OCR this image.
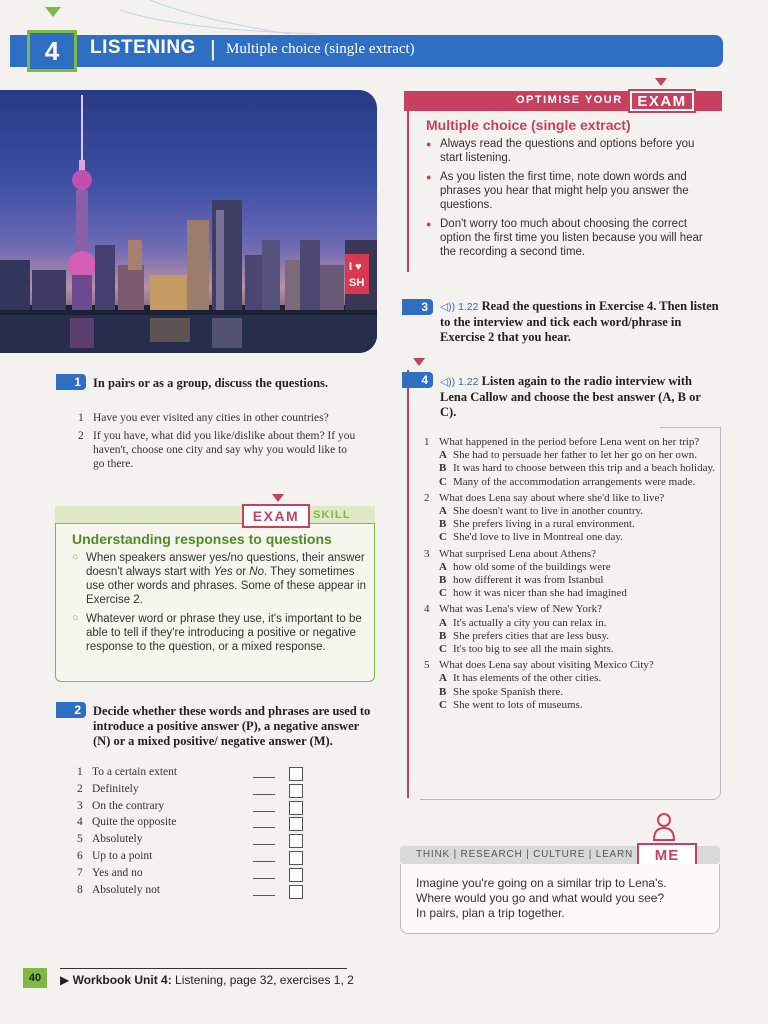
4	LISTENING | Multiple choice (single extract)
I ♥
SH
OPTIMISE YOUR EXAM
Multiple choice (single extract)
● Always read the questions and options before you start listening.
● As you listen the first time, note down words and phrases you hear that might help you answer the questions.
● Don't worry too much about choosing the correct option the first time you listen because you will hear the recording a second time.
3	◁)) 1.22 Read the questions in Exercise 4. Then listen to the interview and tick each word/phrase in Exercise 2 that you hear.
1 In pairs or as a group, discuss the questions.
1 Have you ever visited any cities in other countries?
2 If you have, what did you like/dislike about them? If you haven't, choose one city and say why you would like to go there.
EXAM	SKILL
Understanding responses to questions
○ When speakers answer yes/no questions, their answer doesn't always start with Yes or No. They sometimes use other words and phrases. Some of these appear in Exercise 2.
○ Whatever word or phrase they use, it's important to be able to tell if they're introducing a positive or negative response to the question, or a mixed response.
2 Decide whether these words and phrases are used to introduce a positive answer (P), a negative answer (N) or a mixed positive/ negative answer (M).
1 To a certain extent
2 Definitely
3 On the contrary
4 Quite the opposite
5 Absolutely
6 Up to a point
7 Yes and no
8 Absolutely not
4	◁)) 1.22 Listen again to the radio interview with Lena Callow and choose the best answer (A, B or C).
1 What happened in the period before Lena went on her trip?
A She had to persuade her father to let her go on her own.
B It was hard to choose between this trip and a beach holiday.
C Many of the accommodation arrangements were made.
2 What does Lena say about where she'd like to live?
A She doesn't want to live in another country.
B She prefers living in a rural environment.
C She'd love to live in Montreal one day.
3 What surprised Lena about Athens?
A how old some of the buildings were
B how different it was from Istanbul
C how it was nicer than she had imagined
4 What was Lena's view of New York?
A It's actually a city you can relax in.
B She prefers cities that are less busy.
C It's too big to see all the main sights.
5 What does Lena say about visiting Mexico City?
A It has elements of the other cities.
B She spoke Spanish there.
C She went to lots of museums.
THINK | RESEARCH | CULTURE | LEARN	ME
Imagine you're going on a similar trip to Lena's.
Where would you go and what would you see?
In pairs, plan a trip together.
40	▶ Workbook Unit 4: Listening, page 32, exercises 1, 2
